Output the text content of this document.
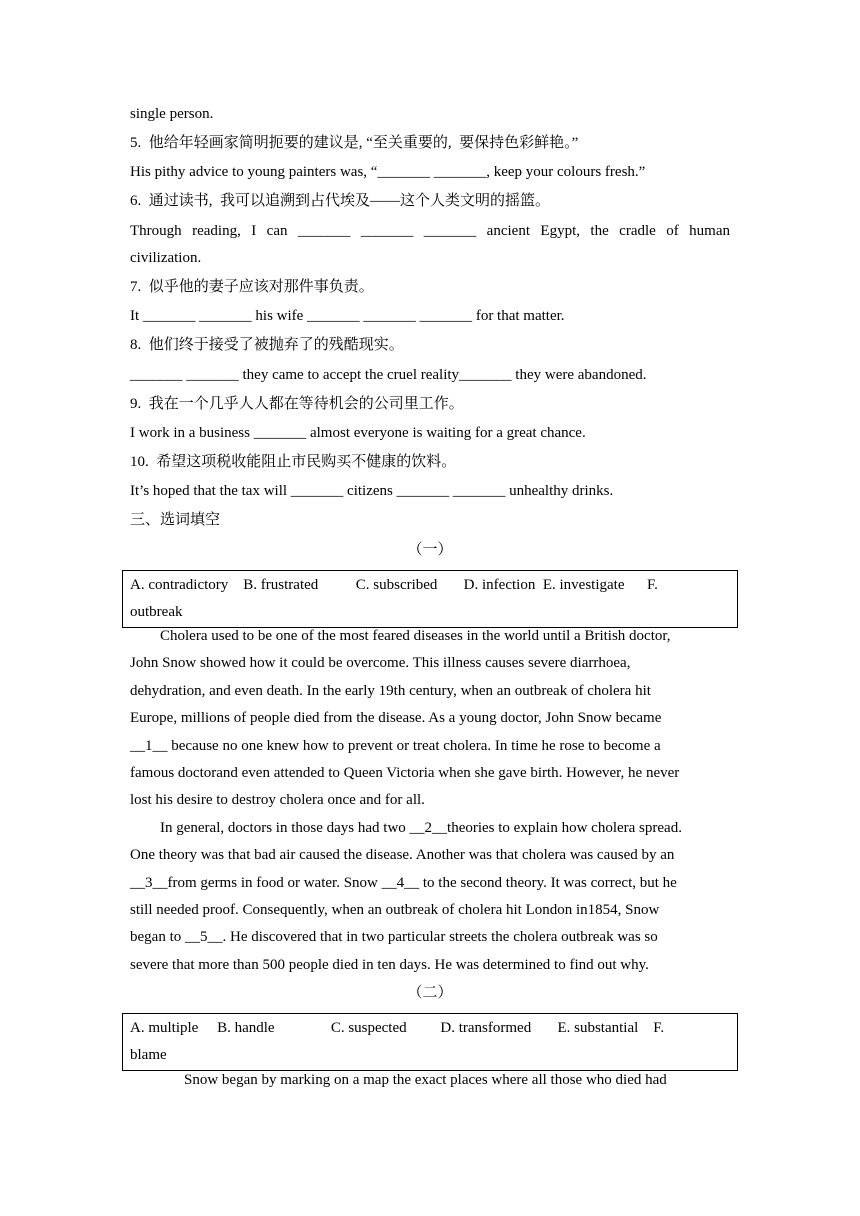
single person.
5.  他给年轻画家简明扼要的建议是, “至关重要的,  要保持色彩鲜艳。”
His pithy advice to young painters was, “_______ _______, keep your colours fresh.”
6.  通过读书,  我可以追溯到占代埃及——这个人类文明的摇篮。
Through reading, I can _______ _______ _______ ancient Egypt, the cradle of human
civilization.
7.  似乎他的妻子应该对那件事负责。
It _______ _______ his wife _______ _______ _______ for that matter.
8.  他们终于接受了被抛弃了的残酷现实。
_______ _______ they came to accept the cruel reality_______ they were abandoned.
9.  我在一个几乎人人都在等待机会的公司里工作。
I work in a business _______ almost everyone is waiting for a great chance.
10.  希望这项税收能阻止市民购买不健康的饮料。
It’s hoped that the tax will _______ citizens _______ _______ unhealthy drinks.
三、选词填空
（一）
A. contradictory    B. frustrated          C. subscribed       D. infection  E. investigate      F.
outbreak
Cholera used to be one of the most feared diseases in the world until a British doctor,
John Snow showed how it could be overcome. This illness causes severe diarrhoea,
dehydration, and even death. In the early 19th century, when an outbreak of cholera hit
Europe, millions of people died from the disease. As a young doctor, John Snow became
__1__ because no one knew how to prevent or treat cholera. In time he rose to become a
famous doctorand even attended to Queen Victoria when she gave birth. However, he never
lost his desire to destroy cholera once and for all.
In general, doctors in those days had two __2__theories to explain how cholera spread.
One theory was that bad air caused the disease. Another was that cholera was caused by an
__3__from germs in food or water. Snow __4__ to the second theory. It was correct, but he
still needed proof. Consequently, when an outbreak of cholera hit London in1854, Snow
began to __5__. He discovered that in two particular streets the cholera outbreak was so
severe that more than 500 people died in ten days. He was determined to find out why.
（二）
A. multiple     B. handle               C. suspected         D. transformed       E. substantial    F.
blame
Snow began by marking on a map the exact places where all those who died had
